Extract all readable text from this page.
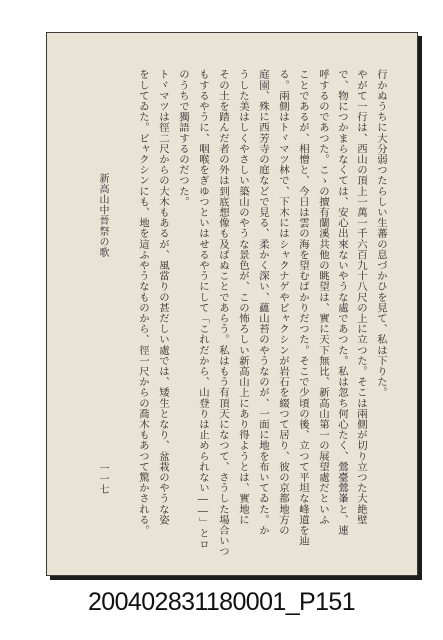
行かぬうちに大分弱つたらしい生蕃の息づかひを見て、私は下りた。
やがて一行は、西山の頂上一萬一千六百九十八尺の上に立つた。そこは兩側が切り立つた大絶壁
で、物につかまらなくては、安心出來ないやうな處であつた。私は忽ち何心たく、鶯臺鶯峯と、連
呼するのであつた。こゝの擅有蘭溪共他の眺望は、實に天下無比、新高山第一の展望處だといふ
ことであるが、相憎と、今日は雲の海を望むばかりだつた。そこで少頃の後、立つて平坦な峰道を辿
る。兩側はトヾマツ林で、下木にはシャクナゲやビャクシンが岩石を綴つて居り、彼の京都地方の
庭園、殊に西芳寺の庭などで見る、柔かく深い、蘊山苔のやうなのが、一面に地を布いてゐた。か
うした美はしくやさしい築山のやうな景色が、この怖ろしい新高山上にあり得ようとは、實地に
その土を踏んだ者の外は到底想像も及ばぬことであらう。私はもう有頂天になつて、さうした場合いつ
もするやうに、咽喉をぎゆつといはせるやうにして「これだから、山登りは止められない――」とロ
のうちで獨語するのだつた。
トヾマツは徑二尺からの大木もあるが、風當りの甚だしい處では、矮生となり、盆栽のやうな姿
をしてゐた。ビャクシンにも、地を這ふやうなものから、徑一尺からの喬木もあつて驚かされる。
新高山中晉祭の歌
一一七
200402831180001_P151
